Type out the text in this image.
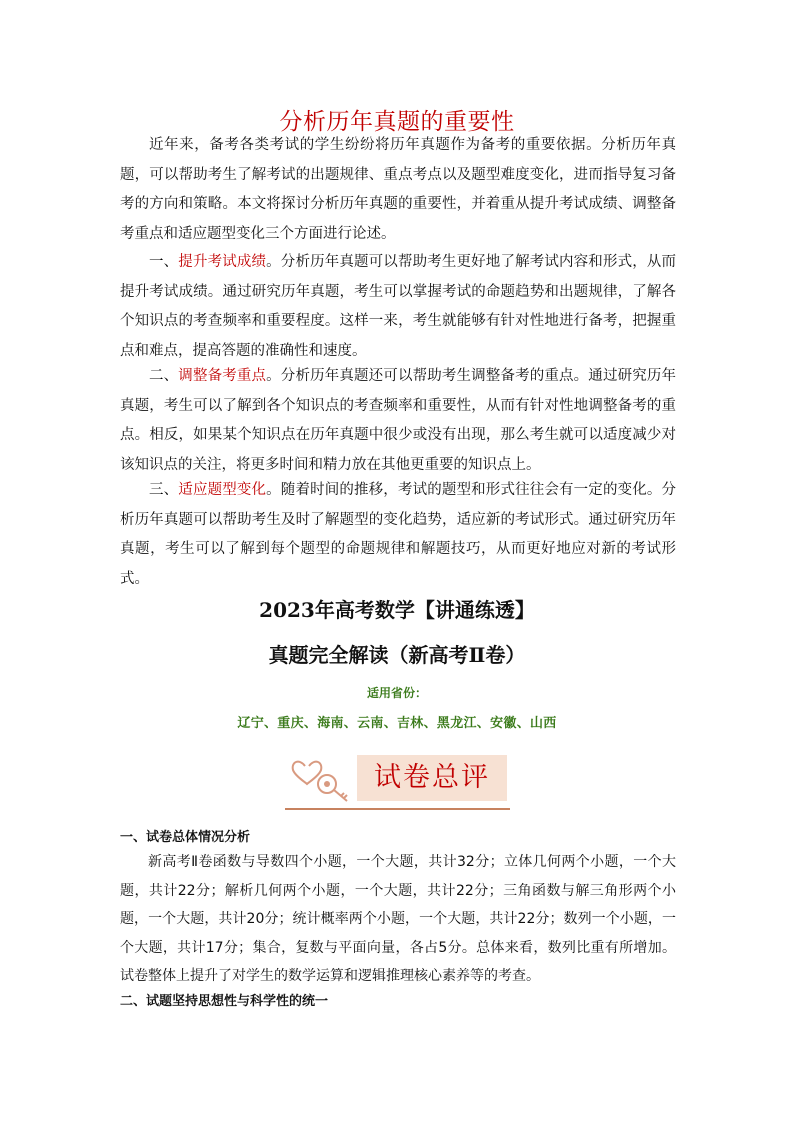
分析历年真题的重要性

近年来，备考各类考试的学生纷纷将历年真题作为备考的重要依据。分析历年真题，可以帮助考生了解考试的出题规律、重点考点以及题型难度变化，进而指导复习备考的方向和策略。本文将探讨分析历年真题的重要性，并着重从提升考试成绩、调整备考重点和适应题型变化三个方面进行论述。

一、提升考试成绩。分析历年真题可以帮助考生更好地了解考试内容和形式，从而提升考试成绩。通过研究历年真题，考生可以掌握考试的命题趋势和出题规律，了解各个知识点的考查频率和重要程度。这样一来，考生就能够有针对性地进行备考，把握重点和难点，提高答题的准确性和速度。

二、调整备考重点。分析历年真题还可以帮助考生调整备考的重点。通过研究历年真题，考生可以了解到各个知识点的考查频率和重要性，从而有针对性地调整备考的重点。相反，如果某个知识点在历年真题中很少或没有出现，那么考生就可以适度减少对该知识点的关注，将更多时间和精力放在其他更重要的知识点上。

三、适应题型变化。随着时间的推移，考试的题型和形式往往会有一定的变化。分析历年真题可以帮助考生及时了解题型的变化趋势，适应新的考试形式。通过研究历年真题，考生可以了解到每个题型的命题规律和解题技巧，从而更好地应对新的考试形式。

2023年高考数学【讲通练透】
真题完全解读（新高考Ⅱ卷）
适用省份：
辽宁、重庆、海南、云南、吉林、黑龙江、安徽、山西
试卷总评
一、试卷总体情况分析

新高考Ⅱ卷函数与导数四个小题，一个大题，共计32分；立体几何两个小题，一个大题，共计22分；解析几何两个小题，一个大题，共计22分；三角函数与解三角形两个小题，一个大题，共计20分；统计概率两个小题，一个大题，共计22分；数列一个小题，一个大题，共计17分；集合，复数与平面向量，各占5分。总体来看，数列比重有所增加。试卷整体上提升了对学生的数学运算和逻辑推理核心素养等的考查。

二、试题坚持思想性与科学性的统一
